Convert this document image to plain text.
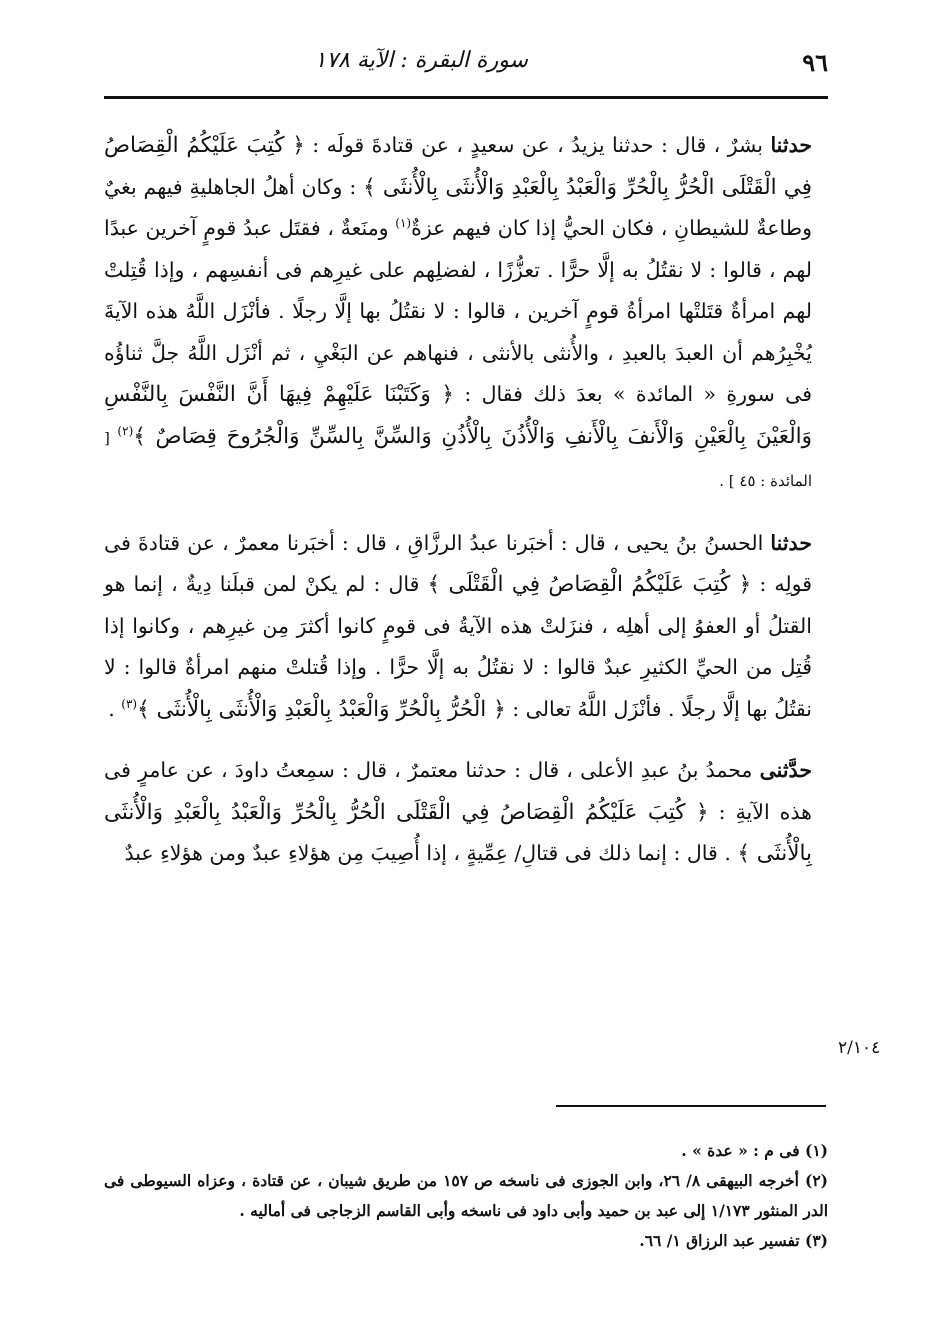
٩٦
سورة البقرة : الآية ١٧٨

حدثنا بشرٌ ، قال : حدثنا يزيدُ ، عن سعيدٍ ، عن قتادةَ قولَه : ﴿ كُتِبَ عَلَيْكُمُ الْقِصَاصُ فِي الْقَتْلَى الْحُرُّ بِالْحُرِّ وَالْعَبْدُ بِالْعَبْدِ وَالْأُنثَى بِالْأُنثَى ﴾ : وكان أهلُ الجاهليةِ فيهم بغيٌ وطاعةٌ للشيطانِ ، فكان الحيُّ إذا كان فيهم عزةٌ$^{(١)}$ ومنَعةٌ ، فقتَل عبدُ قومٍ آخرين عبدًا لهم ، قالوا : لا نقتُلُ به إلَّا حرًّا . تعزُّزًا ، لفضلِهم على غيرِهم فى أنفسِهم ، وإذا قُتِلتْ لهم امرأةٌ قتَلتْها امرأةُ قومٍ آخرين ، قالوا : لا نقتُلُ بها إلَّا رجلًا . فأنْزَل اللَّهُ هذه الآيةَ يُخْبِرُهم أن العبدَ بالعبدِ ، والأُنثى بالأنثى ، فنهاهم عن البَغْيِ ، ثم أنْزَل اللَّهُ جلَّ ثناؤُه فى سورةِ « المائدة » بعدَ ذلك فقال : ﴿ وَكَتَبْنَا عَلَيْهِمْ فِيهَا أَنَّ النَّفْسَ بِالنَّفْسِ وَالْعَيْنَ بِالْعَيْنِ وَالْأَنفَ بِالْأَنفِ وَالْأُذُنَ بِالْأُذُنِ وَالسِّنَّ بِالسِّنِّ وَالْجُرُوحَ قِصَاصٌ ﴾$^{(٢)}$ [ المائدة : ٤٥ ] .

حدثنا الحسنُ بنُ يحيى ، قال : أخبَرنا عبدُ الرزَّاقِ ، قال : أخبَرنا معمرٌ ، عن قتادةَ فى قولِه : ﴿ كُتِبَ عَلَيْكُمُ الْقِصَاصُ فِي الْقَتْلَى ﴾ قال : لم يكنْ لمن قبلَنا دِيةٌ ، إنما هو القتلُ أو العفوُ إلى أهلِه ، فنزَلتْ هذه الآيةُ فى قومٍ كانوا أكثرَ مِن غيرِهم ، وكانوا إذا قُتِل من الحيِّ الكثيرِ عبدٌ قالوا : لا نقتُلُ به إلَّا حرًّا . وإذا قُتلتْ منهم امرأةٌ قالوا : لا نقتُلُ بها إلَّا رجلًا . فأنْزَل اللَّهُ تعالى : ﴿ الْحُرُّ بِالْحُرِّ وَالْعَبْدُ بِالْعَبْدِ وَالْأُنثَى بِالْأُنثَى ﴾$^{(٣)}$ .

حدَّثنى محمدُ بنُ عبدِ الأعلى ، قال : حدثنا معتمرٌ ، قال : سمِعتُ داودَ ، عن عامرٍ فى هذه الآيةِ : ﴿ كُتِبَ عَلَيْكُمُ الْقِصَاصُ فِي الْقَتْلَى الْحُرُّ بِالْحُرِّ وَالْعَبْدُ بِالْعَبْدِ وَالْأُنثَى بِالْأُنثَى ﴾ . قال : إنما ذلك فى قتالِ/ عِمِّيةٍ ، إذا أُصِيبَ مِن هؤلاءِ عبدٌ ومن هؤلاءِ عبدٌ

٢/١٠٤

(١) فى م : « عدة » .

(٢) أخرجه البيهقى ٨/ ٢٦، وابن الجوزى فى ناسخه ص ١٥٧ من طريق شيبان ، عن قتادة ، وعزاه السيوطى فى الدر المنثور ١/١٧٣ إلى عبد بن حميد وأبى داود فى ناسخه وأبى القاسم الزجاجى فى أماليه .

(٣) تفسير عبد الرزاق ١/ ٦٦.
